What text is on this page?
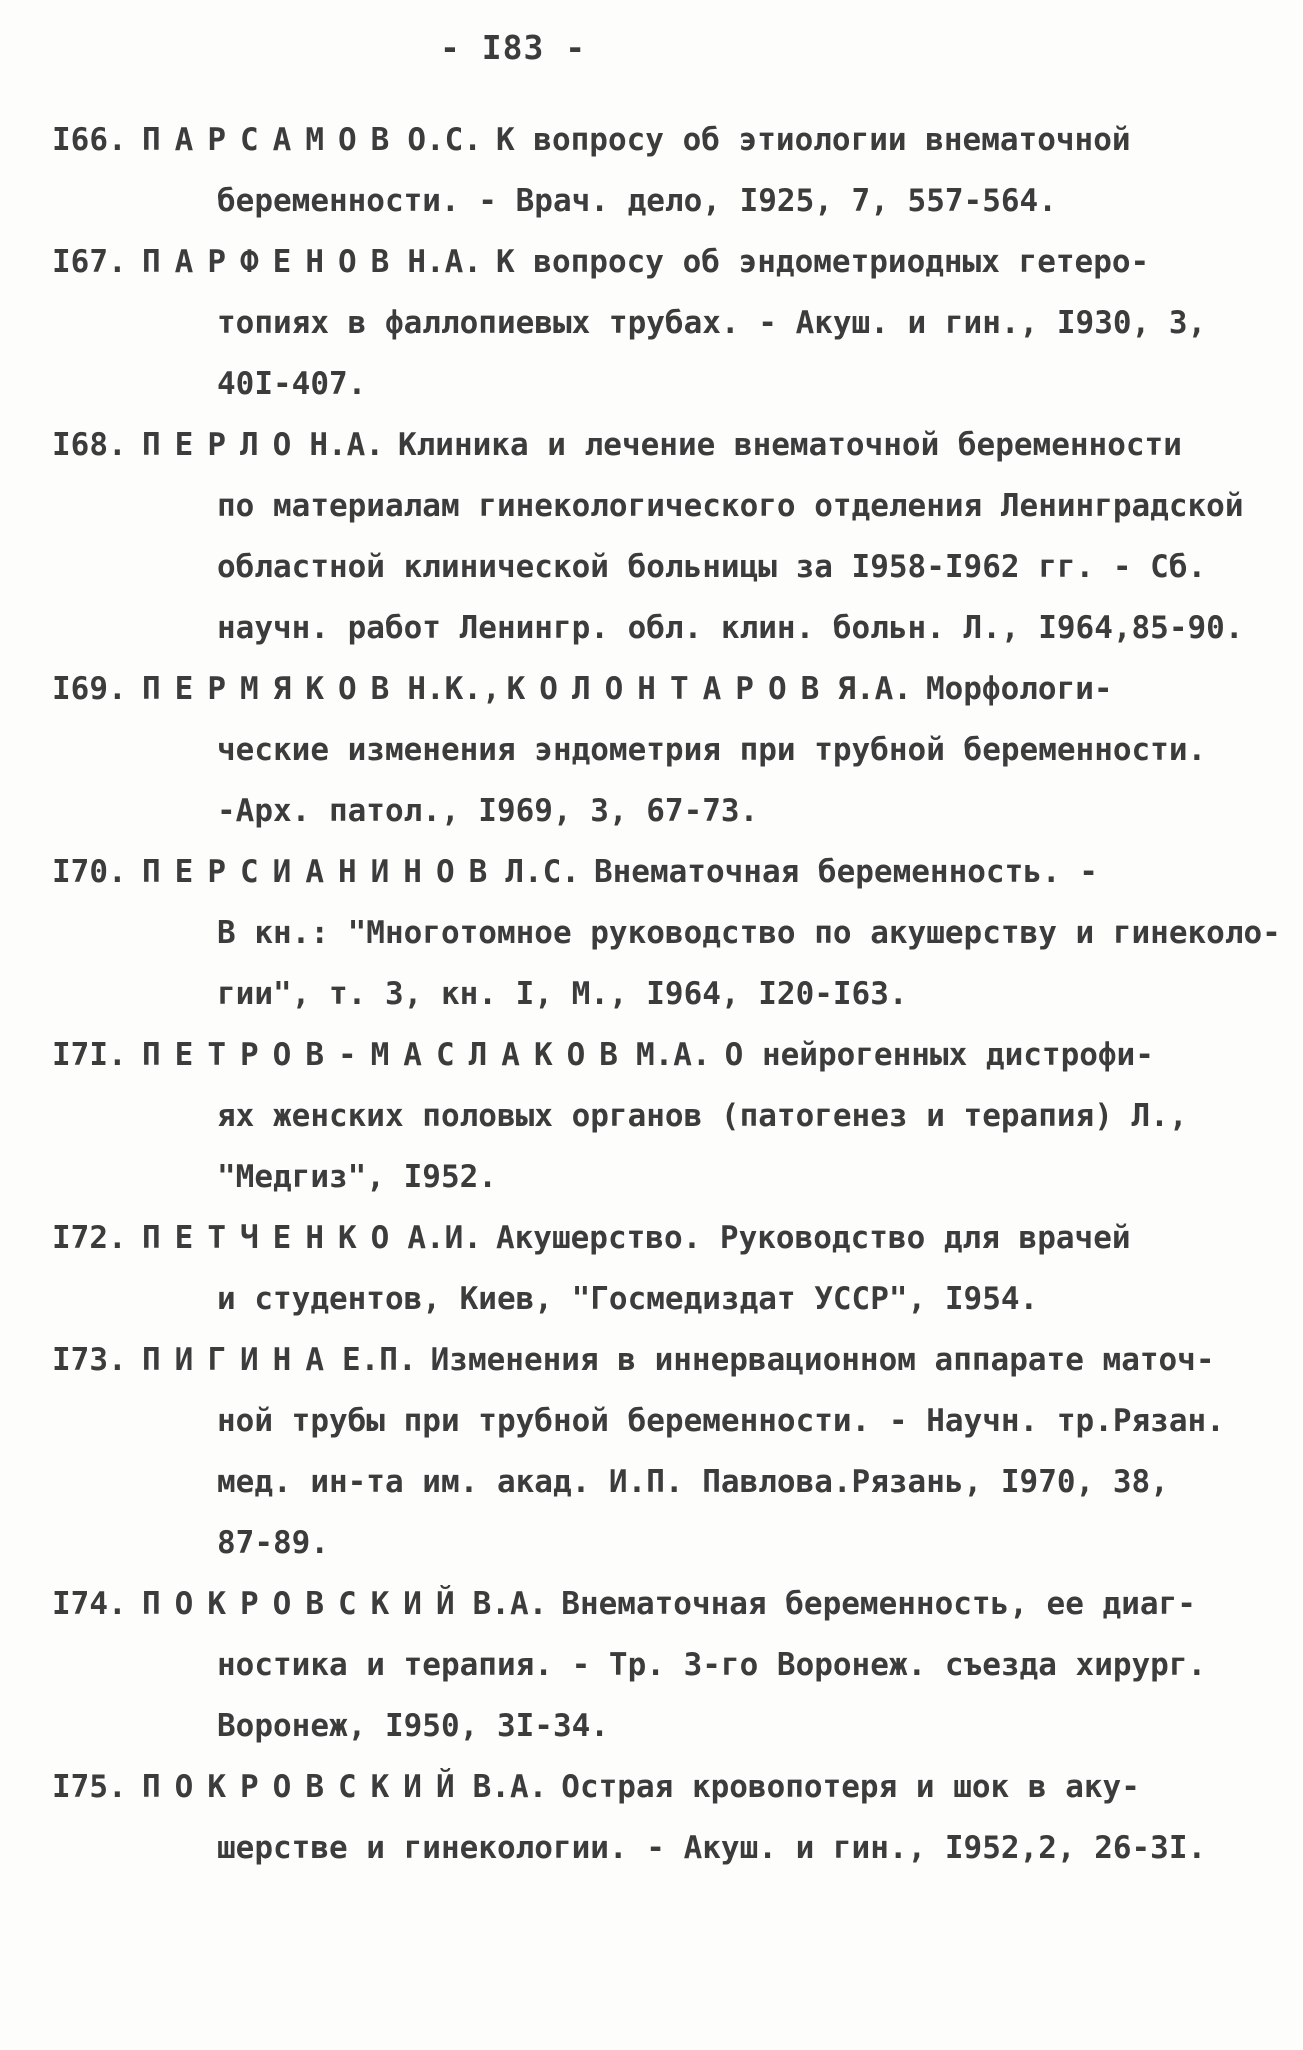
- I83 -
I66. ПАРСАМОВ О.С. К вопросу об этиологии внематочной
беременности. - Врач. дело, I925, 7, 557-564.
I67. ПАРФЕНОВ Н.А. К вопросу об эндометриодных гетеро-
топиях в фаллопиевых трубах. - Акуш. и гин., I930, 3,
40I-407.
I68. ПЕРЛО Н.А. Клиника и лечение внематочной беременности
по материалам гинекологического отделения Ленинградской
областной клинической больницы за I958-I962 гг. - Сб.
научн. работ Ленингр. обл. клин. больн. Л., I964,85-90.
I69. ПЕРМЯКОВ Н.К., КОЛОНТАРОВ Я.А. Морфологи-
ческие изменения эндометрия при трубной беременности.
-Арх. патол., I969, 3, 67-73.
I70. ПЕРСИАНИНОВ Л.С. Внематочная беременность. -
В кн.: "Многотомное руководство по акушерству и гинеколо-
гии", т. 3, кн. I, М., I964, I20-I63.
I7I. ПЕТРОВ-МАСЛАКОВ М.А. О нейрогенных дистрофи-
ях женских половых органов (патогенез и терапия) Л.,
"Медгиз", I952.
I72. ПЕТЧЕНКО А.И. Акушерство. Руководство для врачей
и студентов, Киев, "Госмедиздат УССР", I954.
I73. ПИГИНА Е.П. Изменения в иннервационном аппарате маточ-
ной трубы при трубной беременности. - Научн. тр.Рязан.
мед. ин-та им. акад. И.П. Павлова.Рязань, I970, 38,
87-89.
I74. ПОКРОВСКИЙ В.А. Внематочная беременность, ее диаг-
ностика и терапия. - Тр. 3-го Воронеж. съезда хирург.
Воронеж, I950, 3I-34.
I75. ПОКРОВСКИЙ В.А. Острая кровопотеря и шок в аку-
шерстве и гинекологии. - Акуш. и гин., I952,2, 26-3I.
